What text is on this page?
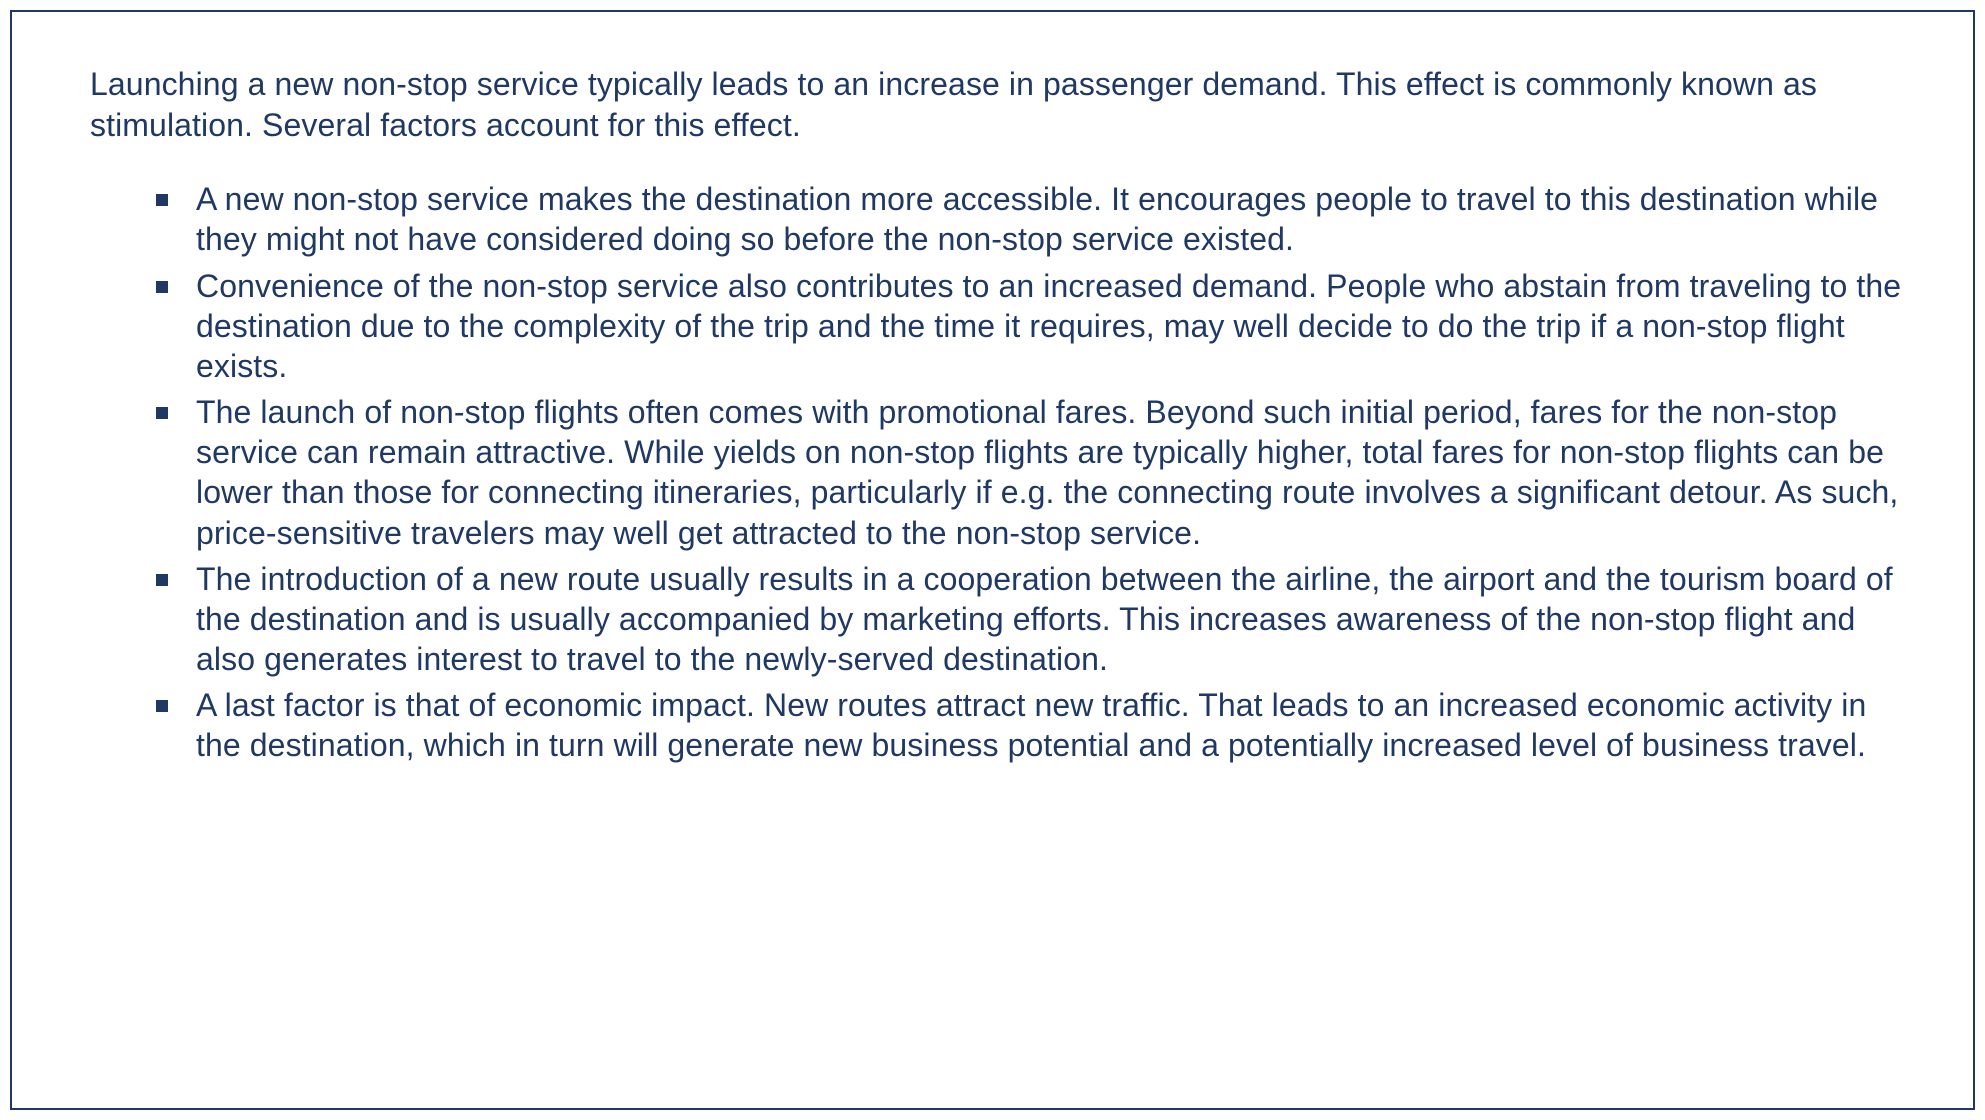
Launching a new non-stop service typically leads to an increase in passenger demand. This effect is commonly known as stimulation. Several factors account for this effect.

A new non-stop service makes the destination more accessible. It encourages people to travel to this destination while they might not have considered doing so before the non-stop service existed.
Convenience of the non-stop service also contributes to an increased demand. People who abstain from traveling to the destination due to the complexity of the trip and the time it requires, may well decide to do the trip if a non-stop flight exists.
The launch of non-stop flights often comes with promotional fares. Beyond such initial period, fares for the non-stop service can remain attractive. While yields on non-stop flights are typically higher, total fares for non-stop flights can be lower than those for connecting itineraries, particularly if e.g. the connecting route involves a significant detour. As such, price-sensitive travelers may well get attracted to the non-stop service.
The introduction of a new route usually results in a cooperation between the airline, the airport and the tourism board of the destination and is usually accompanied by marketing efforts. This increases awareness of the non-stop flight and also generates interest to travel to the newly-served destination.
A last factor is that of economic impact. New routes attract new traffic. That leads to an increased economic activity in the destination, which in turn will generate new business potential and a potentially increased level of business travel.
